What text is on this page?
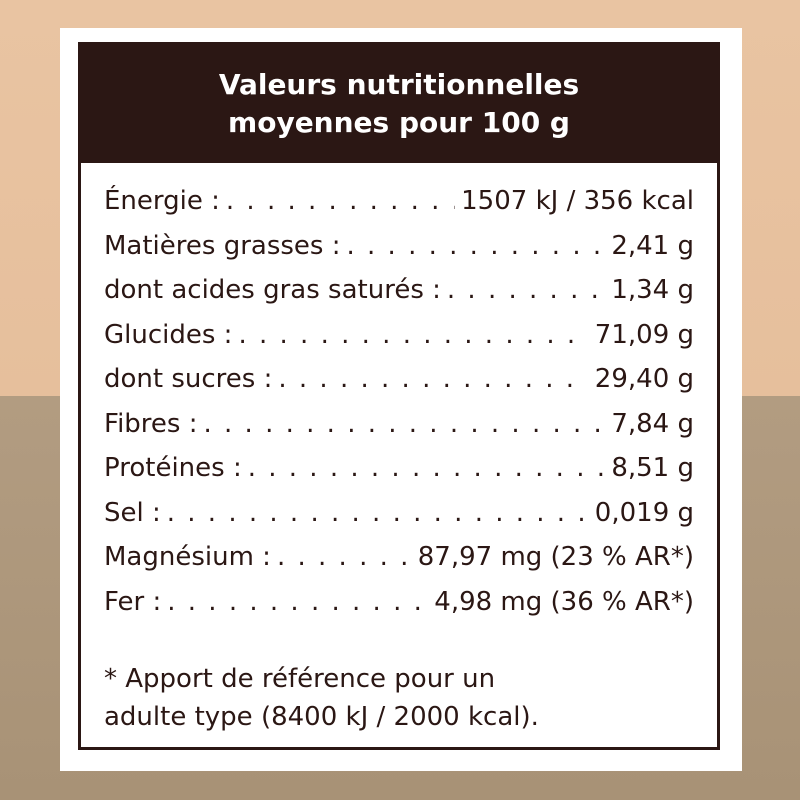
Valeurs nutritionnelles
moyennes pour 100 g
Énergie : . . .	1507 kJ / 356 kcal
Matières grasses : . . .	2,41 g
dont acides gras saturés : . . .	1,34 g
Glucides : . . .	71,09 g
dont sucres : . . .	29,40 g
Fibres : . . .	7,84 g
Protéines : . . .	8,51 g
Sel : . . .	0,019 g
Magnésium : . . .	87,97 mg (23 % AR*)
Fer : . . .	4,98 mg (36 % AR*)
* Apport de référence pour un
adulte type (8400 kJ / 2000 kcal).
